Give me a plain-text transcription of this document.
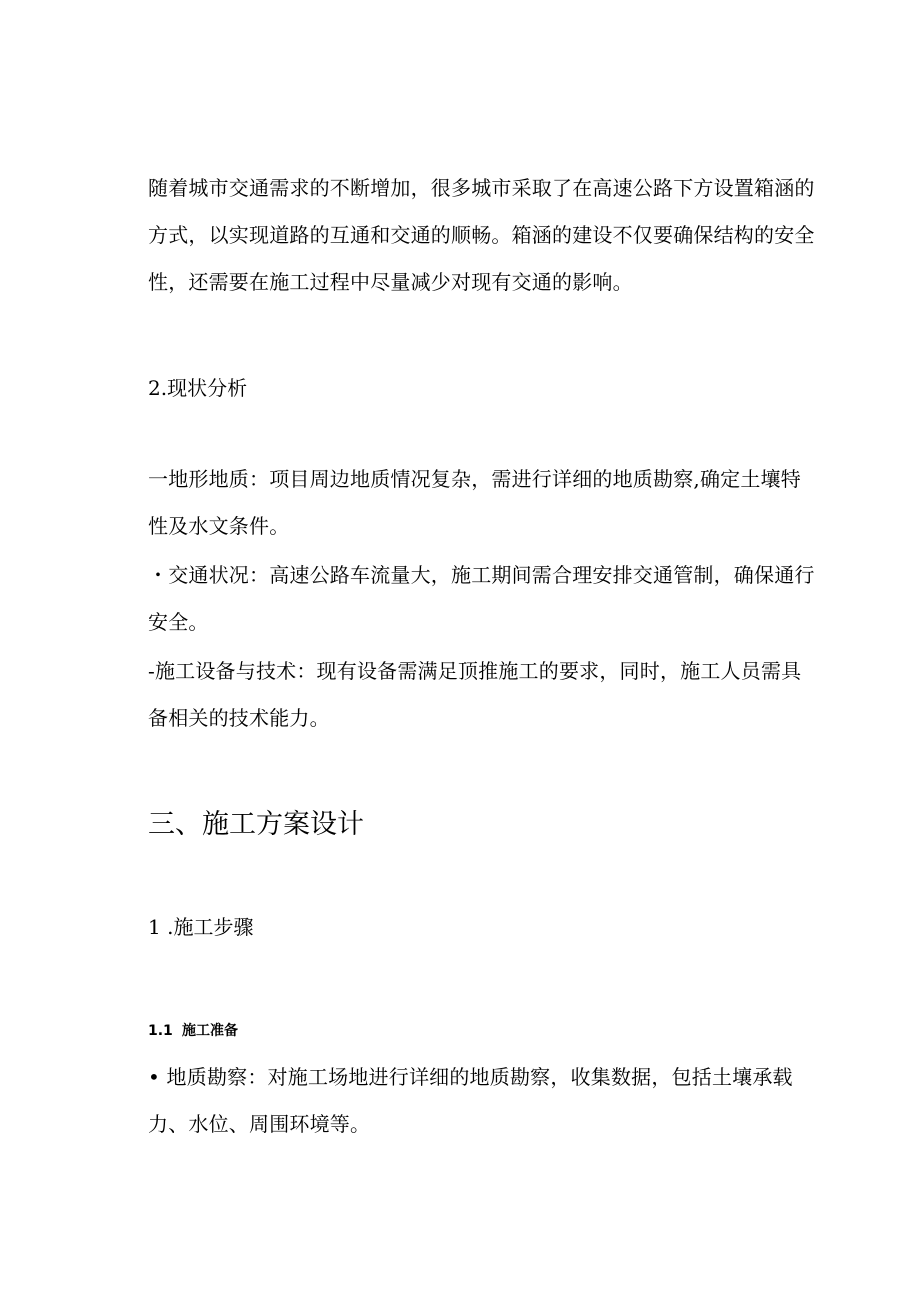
随着城市交通需求的不断增加，很多城市采取了在高速公路下方设置箱涵的方式，以实现道路的互通和交通的顺畅。箱涵的建设不仅要确保结构的安全性，还需要在施工过程中尽量减少对现有交通的影响。

2.现状分析

一地形地质：项目周边地质情况复杂，需进行详细的地质勘察,确定土壤特性及水文条件。

・交通状况：高速公路车流量大，施工期间需合理安排交通管制，确保通行安全。

-施工设备与技术：现有设备需满足顶推施工的要求，同时，施工人员需具备相关的技术能力。

三、施工方案设计

1 .施工步骤

1.1 施工准备

• 地质勘察：对施工场地进行详细的地质勘察，收集数据，包括土壤承载力、水位、周围环境等。
